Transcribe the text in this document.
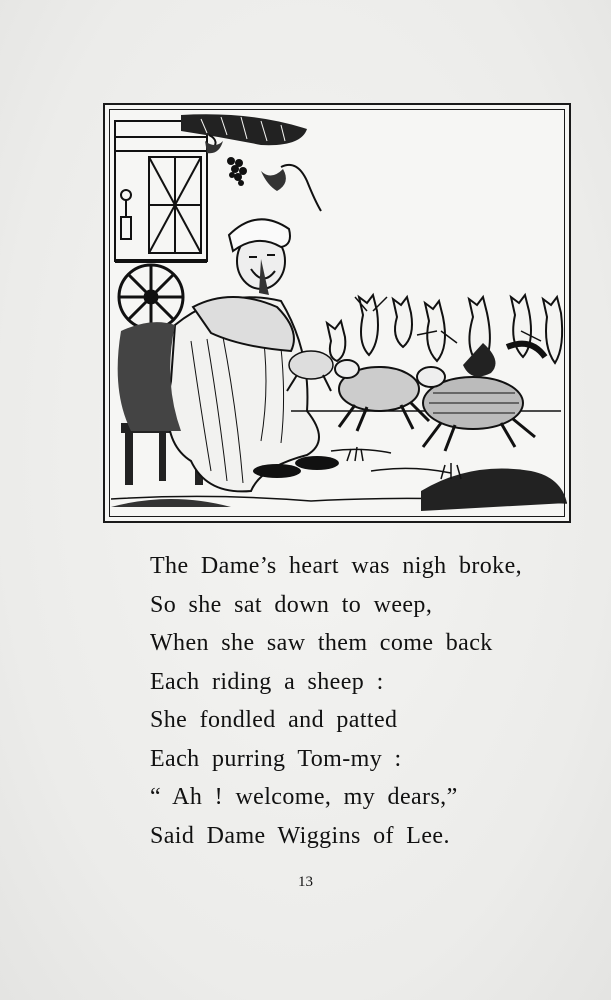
The Dame’s heart was nigh broke,
So she sat down to weep,
When she saw them come back
Each riding a sheep :
She fondled and patted
Each purring Tom-my :
“ Ah ! welcome, my dears,”
Said Dame Wiggins of Lee.
13
